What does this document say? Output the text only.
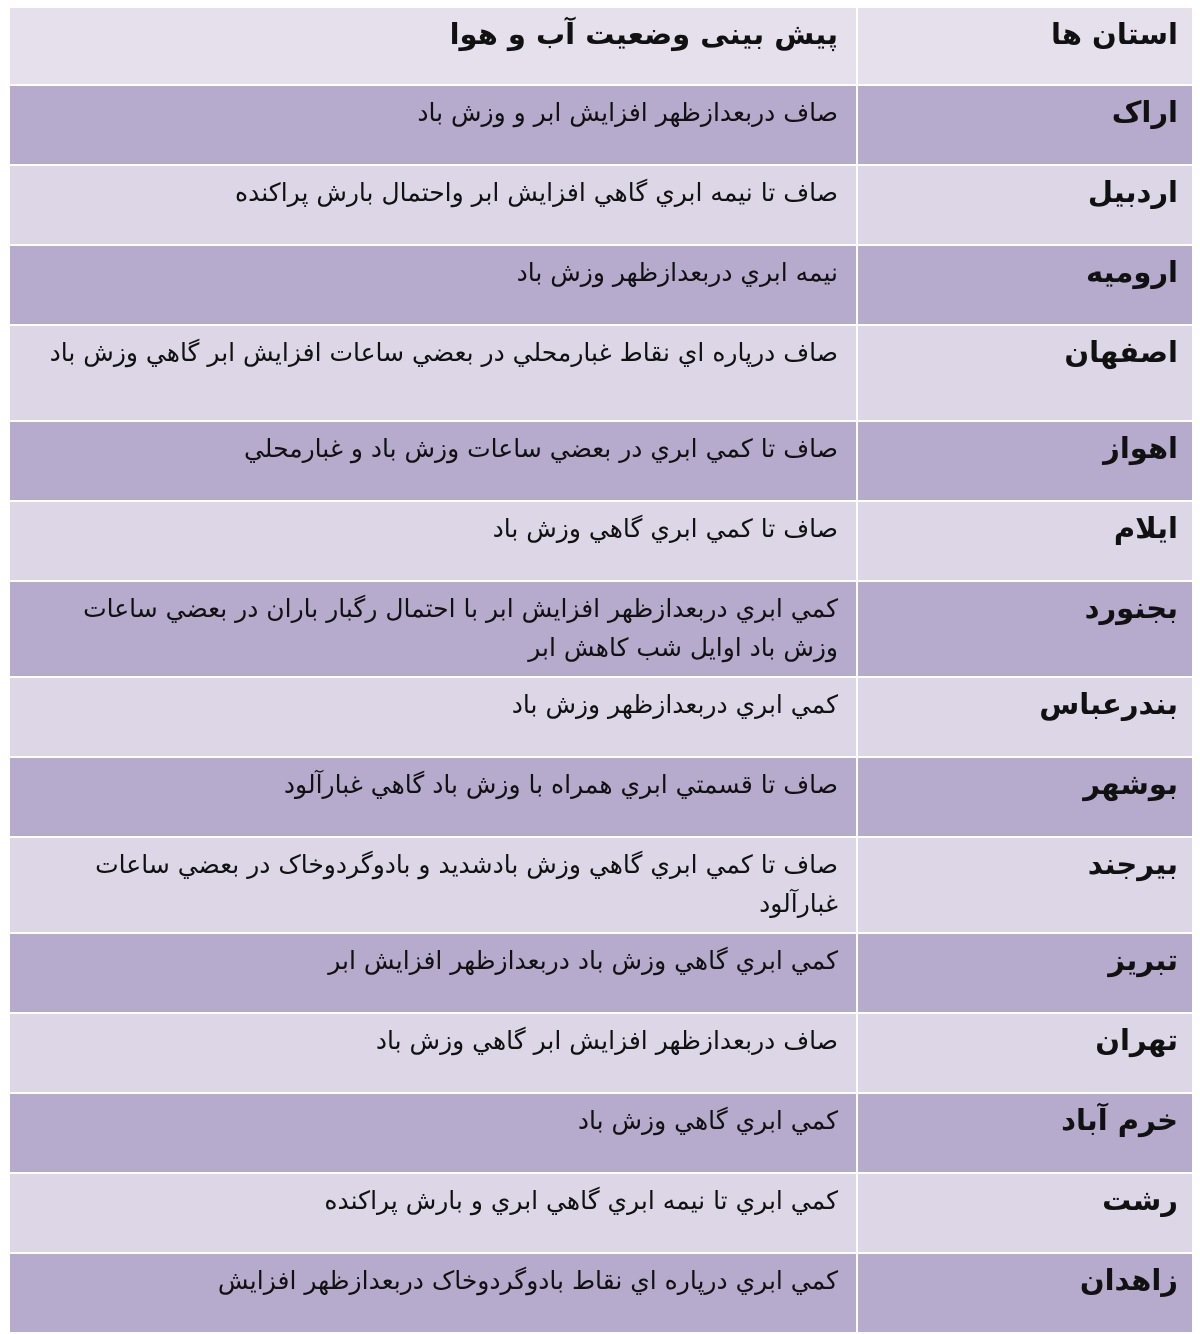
استان ها	پیش بینی وضعیت آب و هوا
اراک	صاف دربعدازظهر افزایش ابر و وزش باد
اردبیل	صاف تا نيمه ابري گاهي افزایش ابر واحتمال بارش پراکنده
ارومیه	نيمه ابري دربعدازظهر وزش باد
اصفهان	صاف درپاره اي نقاط غبارمحلي در بعضي ساعات افزایش ابر گاهي وزش باد
اهواز	صاف تا کمي ابري در بعضي ساعات وزش باد و غبارمحلي
ایلام	صاف تا کمي ابري گاهي وزش باد
بجنورد	کمي ابري دربعدازظهر افزایش ابر با احتمال رگبار باران در بعضي ساعات وزش باد اوایل شب کاهش ابر
بندرعباس	کمي ابري دربعدازظهر وزش باد
بوشهر	صاف تا قسمتي ابري همراه با وزش باد گاهي غبارآلود
بیرجند	صاف تا کمي ابري گاهي وزش بادشدید و بادوگردوخاک در بعضي ساعات غبارآلود
تبریز	کمي ابري گاهي وزش باد دربعدازظهر افزایش ابر
تهران	صاف دربعدازظهر افزایش ابر گاهي وزش باد
خرم آباد	کمي ابري گاهي وزش باد
رشت	کمي ابري تا نيمه ابري گاهي ابري و بارش پراکنده
زاهدان	کمي ابري درپاره اي نقاط بادوگردوخاک دربعدازظهر افزایش
